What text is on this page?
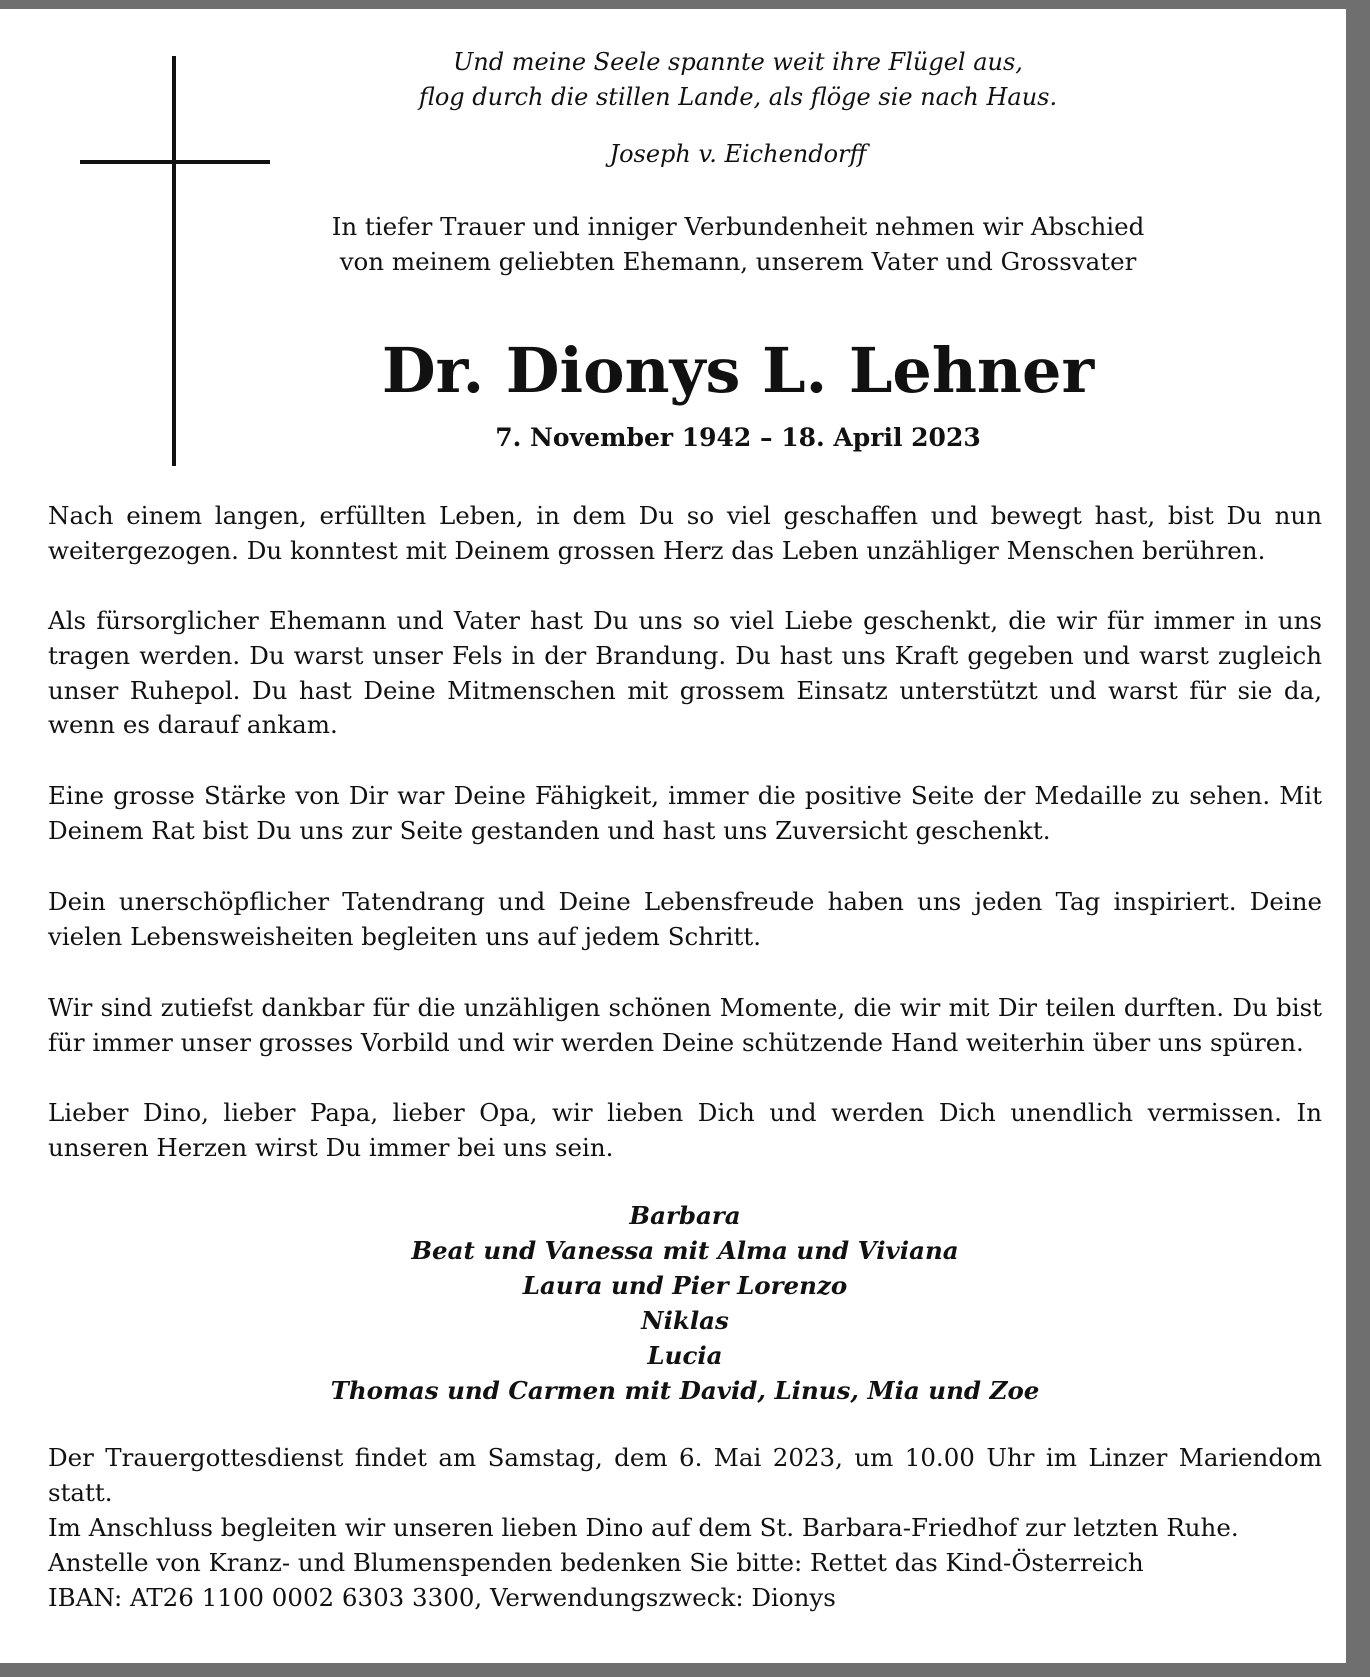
Und meine Seele spannte weit ihre Flügel aus,
flog durch die stillen Lande, als flöge sie nach Haus.
Joseph v. Eichendorff
In tiefer Trauer und inniger Verbundenheit nehmen wir Abschied
von meinem geliebten Ehemann, unserem Vater und Grossvater
Dr. Dionys L. Lehner
7. November 1942 – 18. April 2023

Nach einem langen, erfüllten Leben, in dem Du so viel geschaffen und bewegt hast, bist Du nun weitergezogen. Du konntest mit Deinem grossen Herz das Leben unzähliger Menschen berühren.

Als fürsorglicher Ehemann und Vater hast Du uns so viel Liebe geschenkt, die wir für immer in uns tragen werden. Du warst unser Fels in der Brandung. Du hast uns Kraft gegeben und warst zugleich unser Ruhepol. Du hast Deine Mitmenschen mit grossem Einsatz unterstützt und warst für sie da, wenn es darauf ankam.

Eine grosse Stärke von Dir war Deine Fähigkeit, immer die positive Seite der Medaille zu sehen. Mit Deinem Rat bist Du uns zur Seite gestanden und hast uns Zuversicht geschenkt.

Dein unerschöpflicher Tatendrang und Deine Lebensfreude haben uns jeden Tag inspiriert. Deine vielen Lebensweisheiten begleiten uns auf jedem Schritt.

Wir sind zutiefst dankbar für die unzähligen schönen Momente, die wir mit Dir teilen durften. Du bist für immer unser grosses Vorbild und wir werden Deine schützende Hand weiterhin über uns spüren.

Lieber Dino, lieber Papa, lieber Opa, wir lieben Dich und werden Dich unendlich vermissen. In unseren Herzen wirst Du immer bei uns sein.

Barbara
Beat und Vanessa mit Alma und Viviana
Laura und Pier Lorenzo
Niklas
Lucia
Thomas und Carmen mit David, Linus, Mia und Zoe
Der Trauergottesdienst findet am Samstag, dem 6. Mai 2023, um 10.00 Uhr im Linzer Mariendom statt.
Im Anschluss begleiten wir unseren lieben Dino auf dem St. Barbara-Friedhof zur letzten Ruhe.
Anstelle von Kranz- und Blumenspenden bedenken Sie bitte: Rettet das Kind-Österreich
IBAN: AT26 1100 0002 6303 3300, Verwendungszweck: Dionys
